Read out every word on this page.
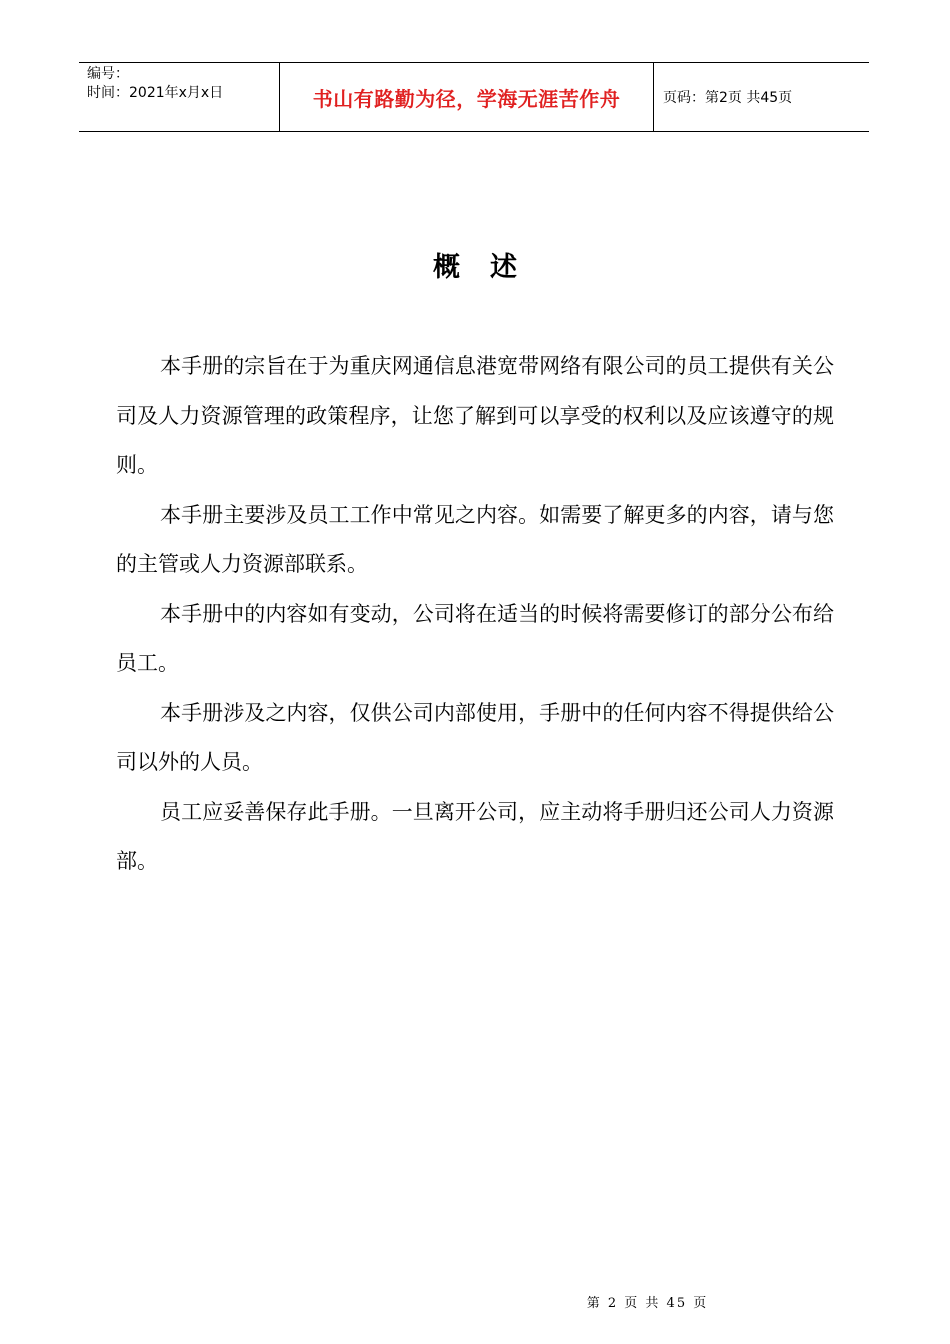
编号：
时间：2021年x月x日	书山有路勤为径，学海无涯苦作舟	页码：第2页 共45页
概述

本手册的宗旨在于为重庆网通信息港宽带网络有限公司的员工提供有关公司及人力资源管理的政策程序，让您了解到可以享受的权利以及应该遵守的规则。

本手册主要涉及员工工作中常见之内容。如需要了解更多的内容，请与您的主管或人力资源部联系。

本手册中的内容如有变动，公司将在适当的时候将需要修订的部分公布给员工。

本手册涉及之内容，仅供公司内部使用，手册中的任何内容不得提供给公司以外的人员。

员工应妥善保存此手册。一旦离开公司，应主动将手册归还公司人力资源部。

第 2 页 共 45 页
